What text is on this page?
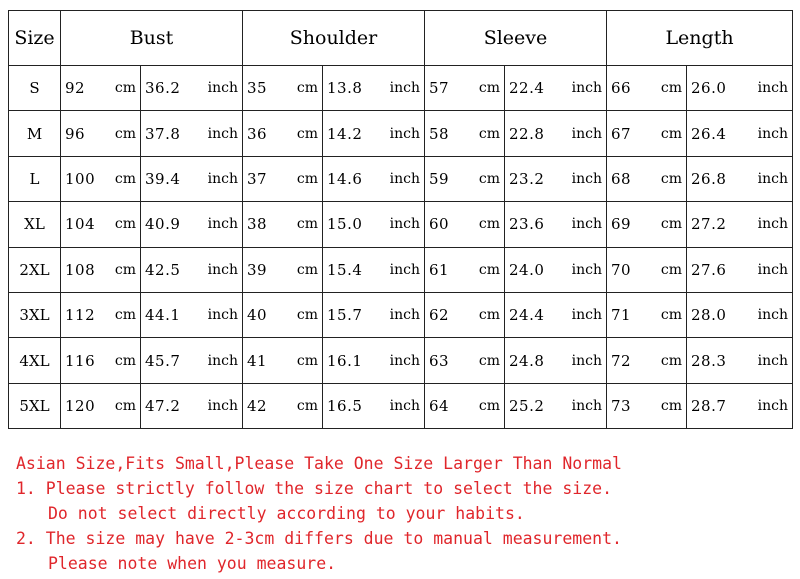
Size	Bust		Shoulder		Sleeve		Length	
S	92 cm	36.2 inch	35 cm	13.8 inch	57 cm	22.4 inch	66 cm	26.0 inch

M	96 cm	37.8 inch	36 cm	14.2 inch	58 cm	22.8 inch	67 cm	26.4 inch

L	100 cm	39.4 inch	37 cm	14.6 inch	59 cm	23.2 inch	68 cm	26.8 inch

XL	104 cm	40.9 inch	38 cm	15.0 inch	60 cm	23.6 inch	69 cm	27.2 inch

2XL	108 cm	42.5 inch	39 cm	15.4 inch	61 cm	24.0 inch	70 cm	27.6 inch

3XL	112 cm	44.1 inch	40 cm	15.7 inch	62 cm	24.4 inch	71 cm	28.0 inch

4XL	116 cm	45.7 inch	41 cm	16.1 inch	63 cm	24.8 inch	72 cm	28.3 inch

5XL	120 cm	47.2 inch	42 cm	16.5 inch	64 cm	25.2 inch	73 cm	28.7 inch
Asian Size,Fits Small,Please Take One Size Larger Than Normal
1. Please strictly follow the size chart to select the size.
Do not select directly according to your habits.
2. The size may have 2-3cm differs due to manual measurement.
Please note when you measure.
